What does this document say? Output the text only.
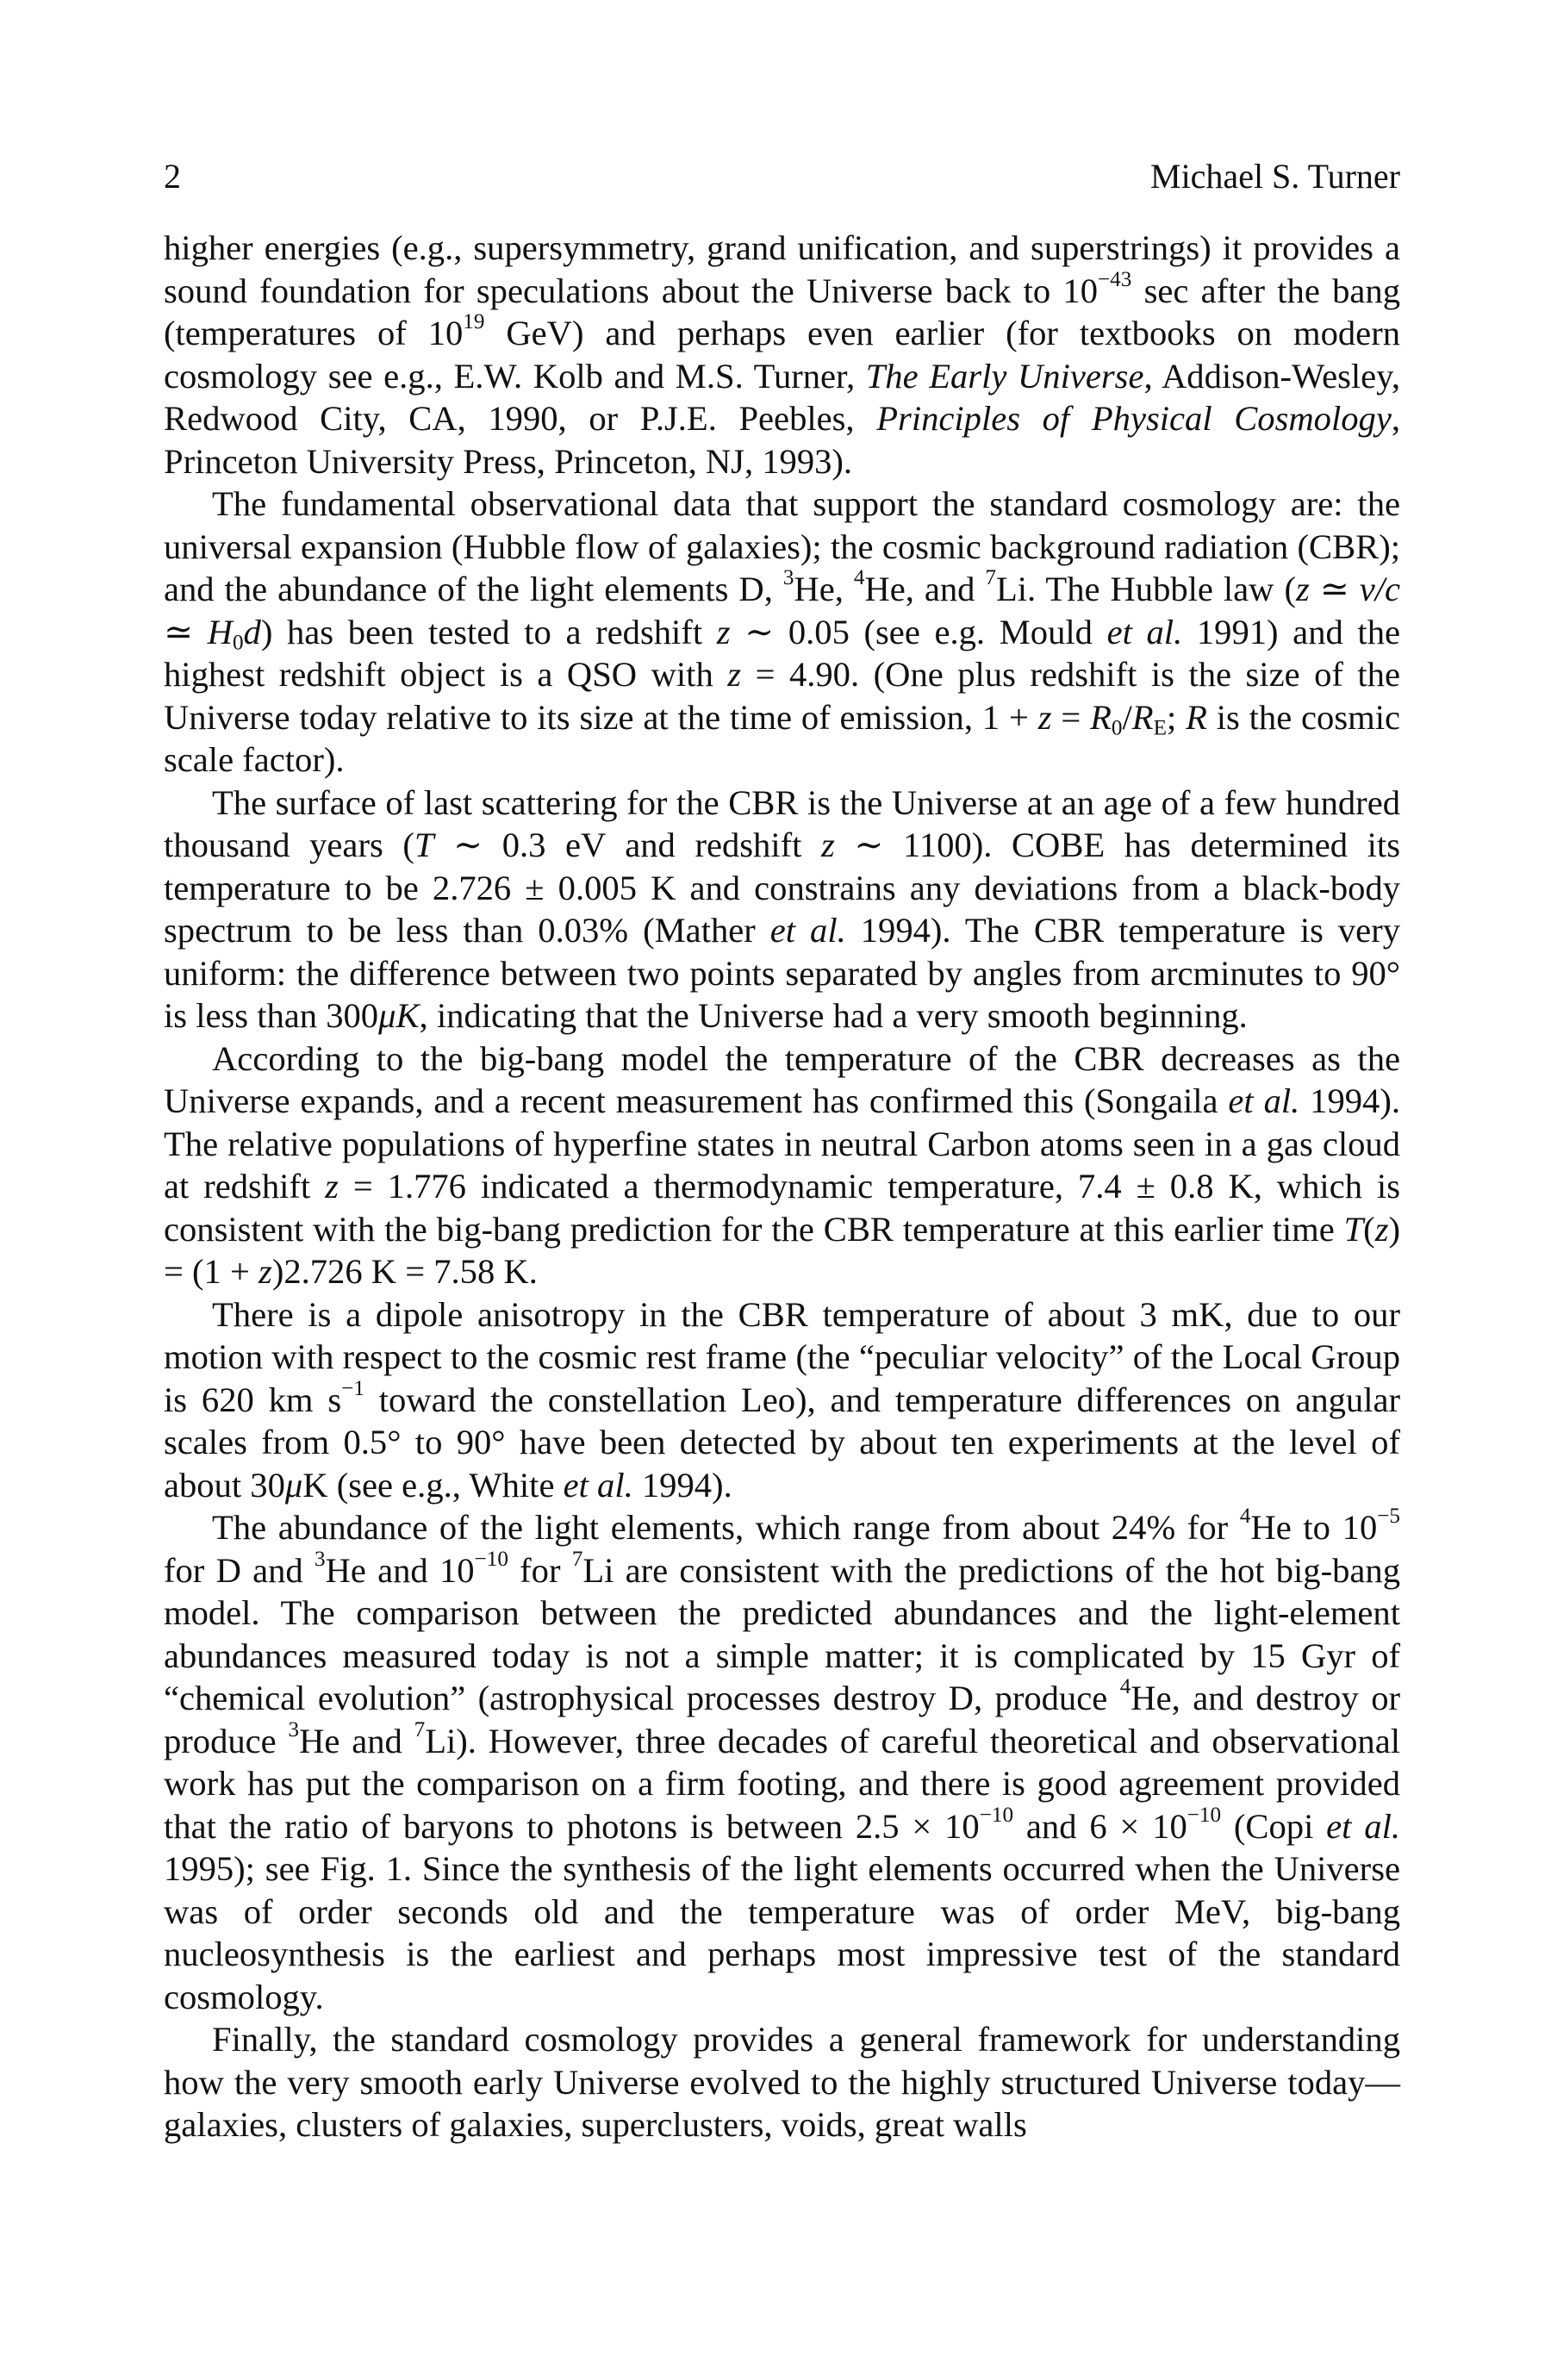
2	Michael S. Turner

higher energies (e.g., supersymmetry, grand unification, and superstrings) it provides a sound foundation for speculations about the Universe back to $10^{-43}$ sec after the bang (temperatures of $10^{19}$ GeV) and perhaps even earlier (for textbooks on modern cosmology see e.g., E.W. Kolb and M.S. Turner, The Early Universe, Addison-Wesley, Redwood City, CA, 1990, or P.J.E. Peebles, Principles of Physical Cosmology, Princeton University Press, Princeton, NJ, 1993).

The fundamental observational data that support the standard cosmology are: the universal expansion (Hubble flow of galaxies); the cosmic background radiation (CBR); and the abundance of the light elements D, $^3$He, $^4$He, and $^7$Li. The Hubble law (z ≃ v/c ≃ $H_0d$) has been tested to a redshift z ∼ 0.05 (see e.g. Mould et al. 1991) and the highest redshift object is a QSO with z = 4.90. (One plus redshift is the size of the Universe today relative to its size at the time of emission, $1 + z = R_0/R_E$; R is the cosmic scale factor).

The surface of last scattering for the CBR is the Universe at an age of a few hundred thousand years (T ∼ 0.3 eV and redshift z ∼ 1100). COBE has determined its temperature to be 2.726 ± 0.005 K and constrains any deviations from a black-body spectrum to be less than 0.03% (Mather et al. 1994). The CBR temperature is very uniform: the difference between two points separated by angles from arcminutes to 90° is less than 300μK, indicating that the Universe had a very smooth beginning.

According to the big-bang model the temperature of the CBR decreases as the Universe expands, and a recent measurement has confirmed this (Songaila et al. 1994). The relative populations of hyperfine states in neutral Carbon atoms seen in a gas cloud at redshift z = 1.776 indicated a thermodynamic temperature, 7.4 ± 0.8 K, which is consistent with the big-bang prediction for the CBR temperature at this earlier time T(z) = (1 + z)2.726 K = 7.58 K.

There is a dipole anisotropy in the CBR temperature of about 3 mK, due to our motion with respect to the cosmic rest frame (the “peculiar velocity” of the Local Group is 620 km $s^{-1}$ toward the constellation Leo), and temperature differences on angular scales from 0.5° to 90° have been detected by about ten experiments at the level of about 30μK (see e.g., White et al. 1994).

The abundance of the light elements, which range from about 24% for $^4$He to $10^{-5}$ for D and $^3$He and $10^{-10}$ for $^7$Li are consistent with the predictions of the hot big-bang model. The comparison between the predicted abundances and the light-element abundances measured today is not a simple matter; it is complicated by 15 Gyr of “chemical evolution” (astrophysical processes destroy D, produce $^4$He, and destroy or produce $^3$He and $^7$Li). However, three decades of careful theoretical and observational work has put the comparison on a firm footing, and there is good agreement provided that the ratio of baryons to photons is between $2.5 \times 10^{-10}$ and $6 \times 10^{-10}$ (Copi et al. 1995); see Fig. 1. Since the synthesis of the light elements occurred when the Universe was of order seconds old and the temperature was of order MeV, big-bang nucleosynthesis is the earliest and perhaps most impressive test of the standard cosmology.

Finally, the standard cosmology provides a general framework for understanding how the very smooth early Universe evolved to the highly structured Universe today—galaxies, clusters of galaxies, superclusters, voids, great walls
